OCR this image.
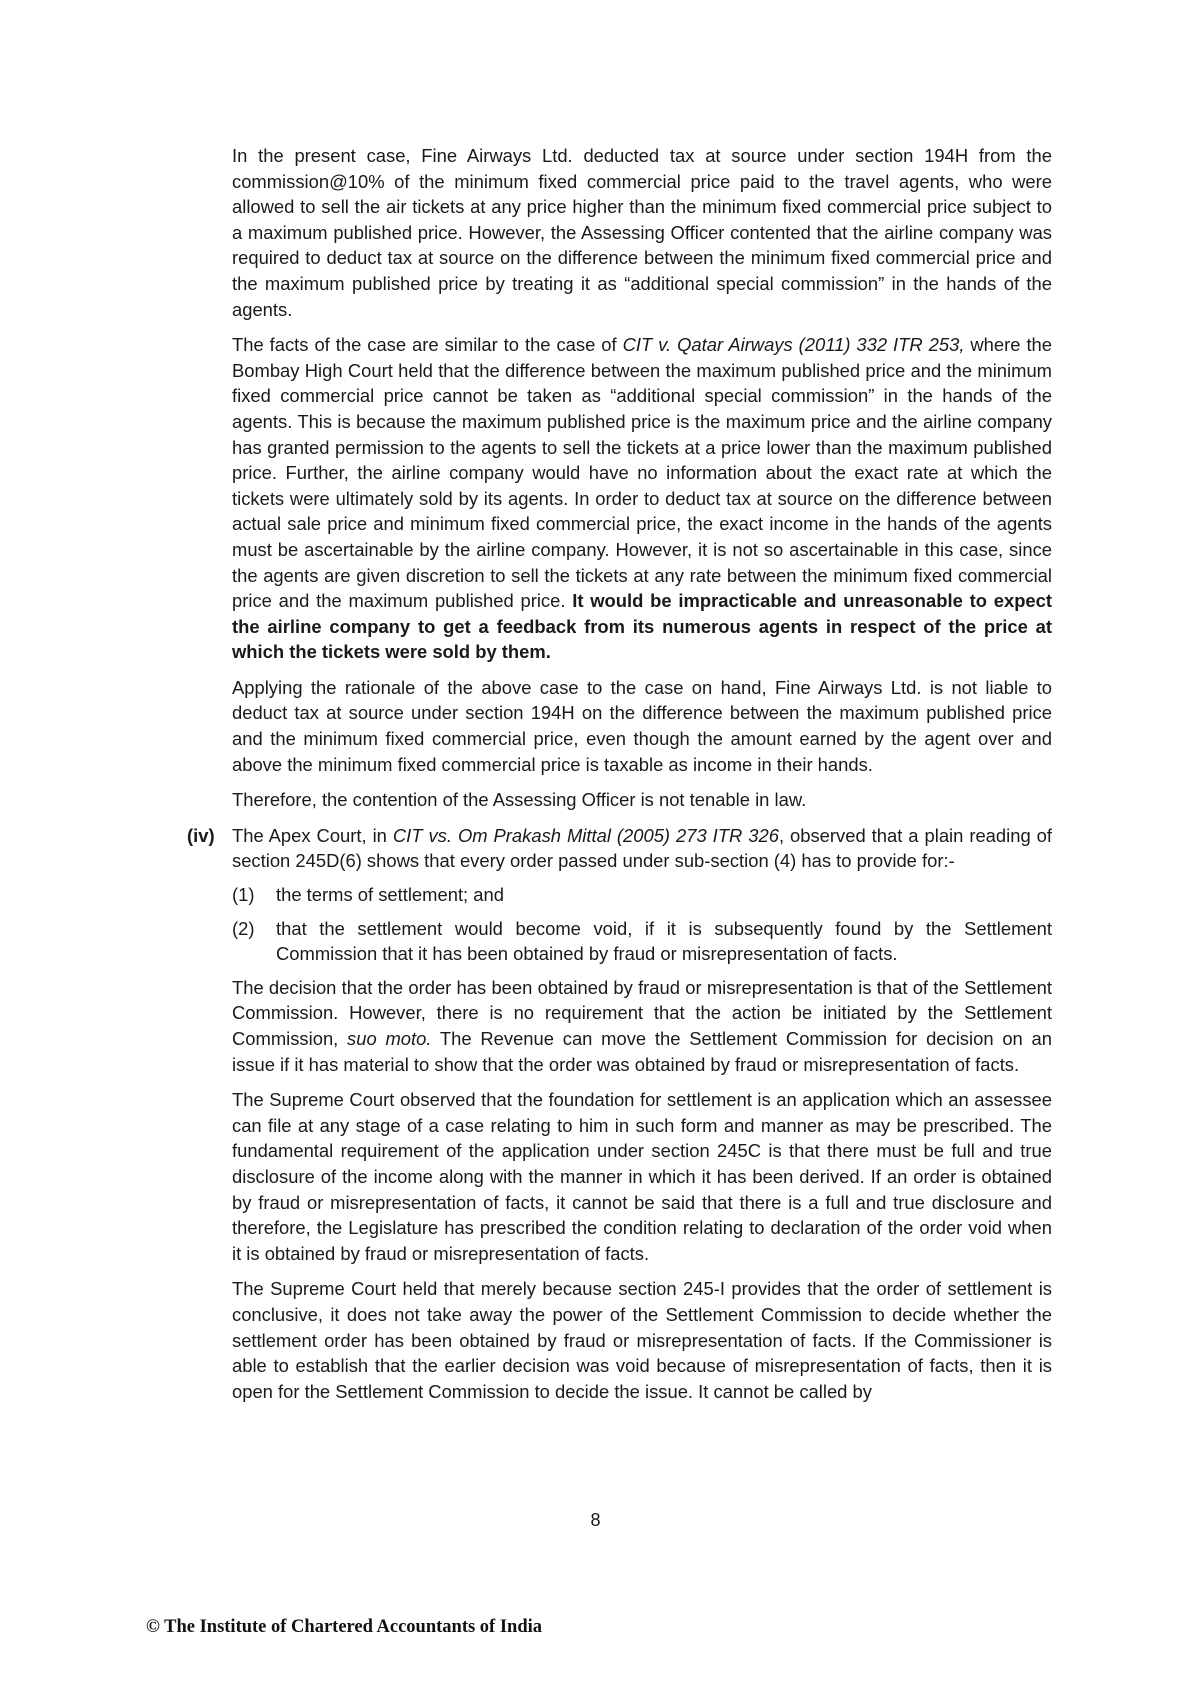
In the present case, Fine Airways Ltd. deducted tax at source under section 194H from the commission@10% of the minimum fixed commercial price paid to the travel agents, who were allowed to sell the air tickets at any price higher than the minimum fixed commercial price subject to a maximum published price. However, the Assessing Officer contented that the airline company was required to deduct tax at source on the difference between the minimum fixed commercial price and the maximum published price by treating it as “additional special commission” in the hands of the agents.

The facts of the case are similar to the case of CIT v. Qatar Airways (2011) 332 ITR 253, where the Bombay High Court held that the difference between the maximum published price and the minimum fixed commercial price cannot be taken as “additional special commission” in the hands of the agents. This is because the maximum published price is the maximum price and the airline company has granted permission to the agents to sell the tickets at a price lower than the maximum published price. Further, the airline company would have no information about the exact rate at which the tickets were ultimately sold by its agents. In order to deduct tax at source on the difference between actual sale price and minimum fixed commercial price, the exact income in the hands of the agents must be ascertainable by the airline company. However, it is not so ascertainable in this case, since the agents are given discretion to sell the tickets at any rate between the minimum fixed commercial price and the maximum published price. It would be impracticable and unreasonable to expect the airline company to get a feedback from its numerous agents in respect of the price at which the tickets were sold by them.

Applying the rationale of the above case to the case on hand, Fine Airways Ltd. is not liable to deduct tax at source under section 194H on the difference between the maximum published price and the minimum fixed commercial price, even though the amount earned by the agent over and above the minimum fixed commercial price is taxable as income in their hands.

Therefore, the contention of the Assessing Officer is not tenable in law.

(iv) The Apex Court, in CIT vs. Om Prakash Mittal (2005) 273 ITR 326, observed that a plain reading of section 245D(6) shows that every order passed under sub-section (4) has to provide for:-
(1) the terms of settlement; and
(2) that the settlement would become void, if it is subsequently found by the Settlement Commission that it has been obtained by fraud or misrepresentation of facts.

The decision that the order has been obtained by fraud or misrepresentation is that of the Settlement Commission. However, there is no requirement that the action be initiated by the Settlement Commission, suo moto. The Revenue can move the Settlement Commission for decision on an issue if it has material to show that the order was obtained by fraud or misrepresentation of facts.

The Supreme Court observed that the foundation for settlement is an application which an assessee can file at any stage of a case relating to him in such form and manner as may be prescribed. The fundamental requirement of the application under section 245C is that there must be full and true disclosure of the income along with the manner in which it has been derived. If an order is obtained by fraud or misrepresentation of facts, it cannot be said that there is a full and true disclosure and therefore, the Legislature has prescribed the condition relating to declaration of the order void when it is obtained by fraud or misrepresentation of facts.

The Supreme Court held that merely because section 245-I provides that the order of settlement is conclusive, it does not take away the power of the Settlement Commission to decide whether the settlement order has been obtained by fraud or misrepresentation of facts. If the Commissioner is able to establish that the earlier decision was void because of misrepresentation of facts, then it is open for the Settlement Commission to decide the issue. It cannot be called by

8
© The Institute of Chartered Accountants of India
